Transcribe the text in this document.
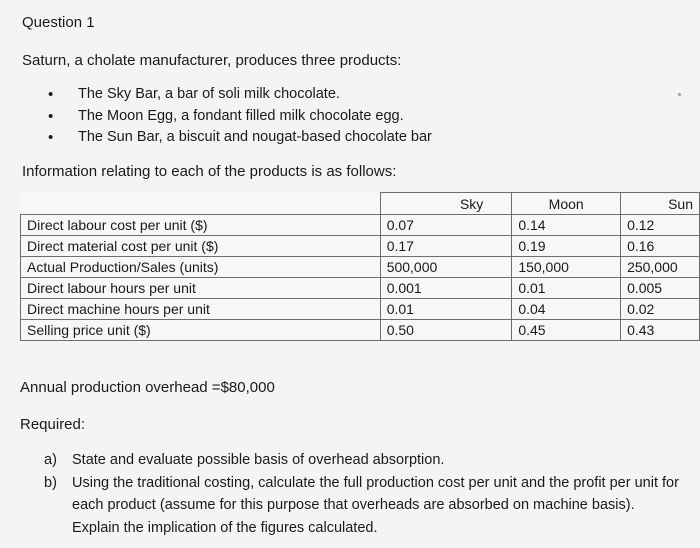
Question 1
Saturn, a cholate manufacturer, produces three products:
• The Sky Bar, a bar of soli milk chocolate.
• The Moon Egg, a fondant filled milk chocolate egg.
• The Sun Bar, a biscuit and nougat-based chocolate bar
Information relating to each of the products is as follows:
	Sky	Moon	Sun
Direct labour cost per unit ($)	0.07	0.14	0.12
Direct material cost per unit ($)	0.17	0.19	0.16
Actual Production/Sales (units)	500,000	150,000	250,000
Direct labour hours per unit	0.001	0.01	0.005
Direct machine hours per unit	0.01	0.04	0.02
Selling price unit ($)	0.50	0.45	0.43
Annual production overhead =$80,000
Required:
a) State and evaluate possible basis of overhead absorption.
b) Using the traditional costing, calculate the full production cost per unit and the profit per unit for each product (assume for this purpose that overheads are absorbed on machine basis). Explain the implication of the figures calculated.
